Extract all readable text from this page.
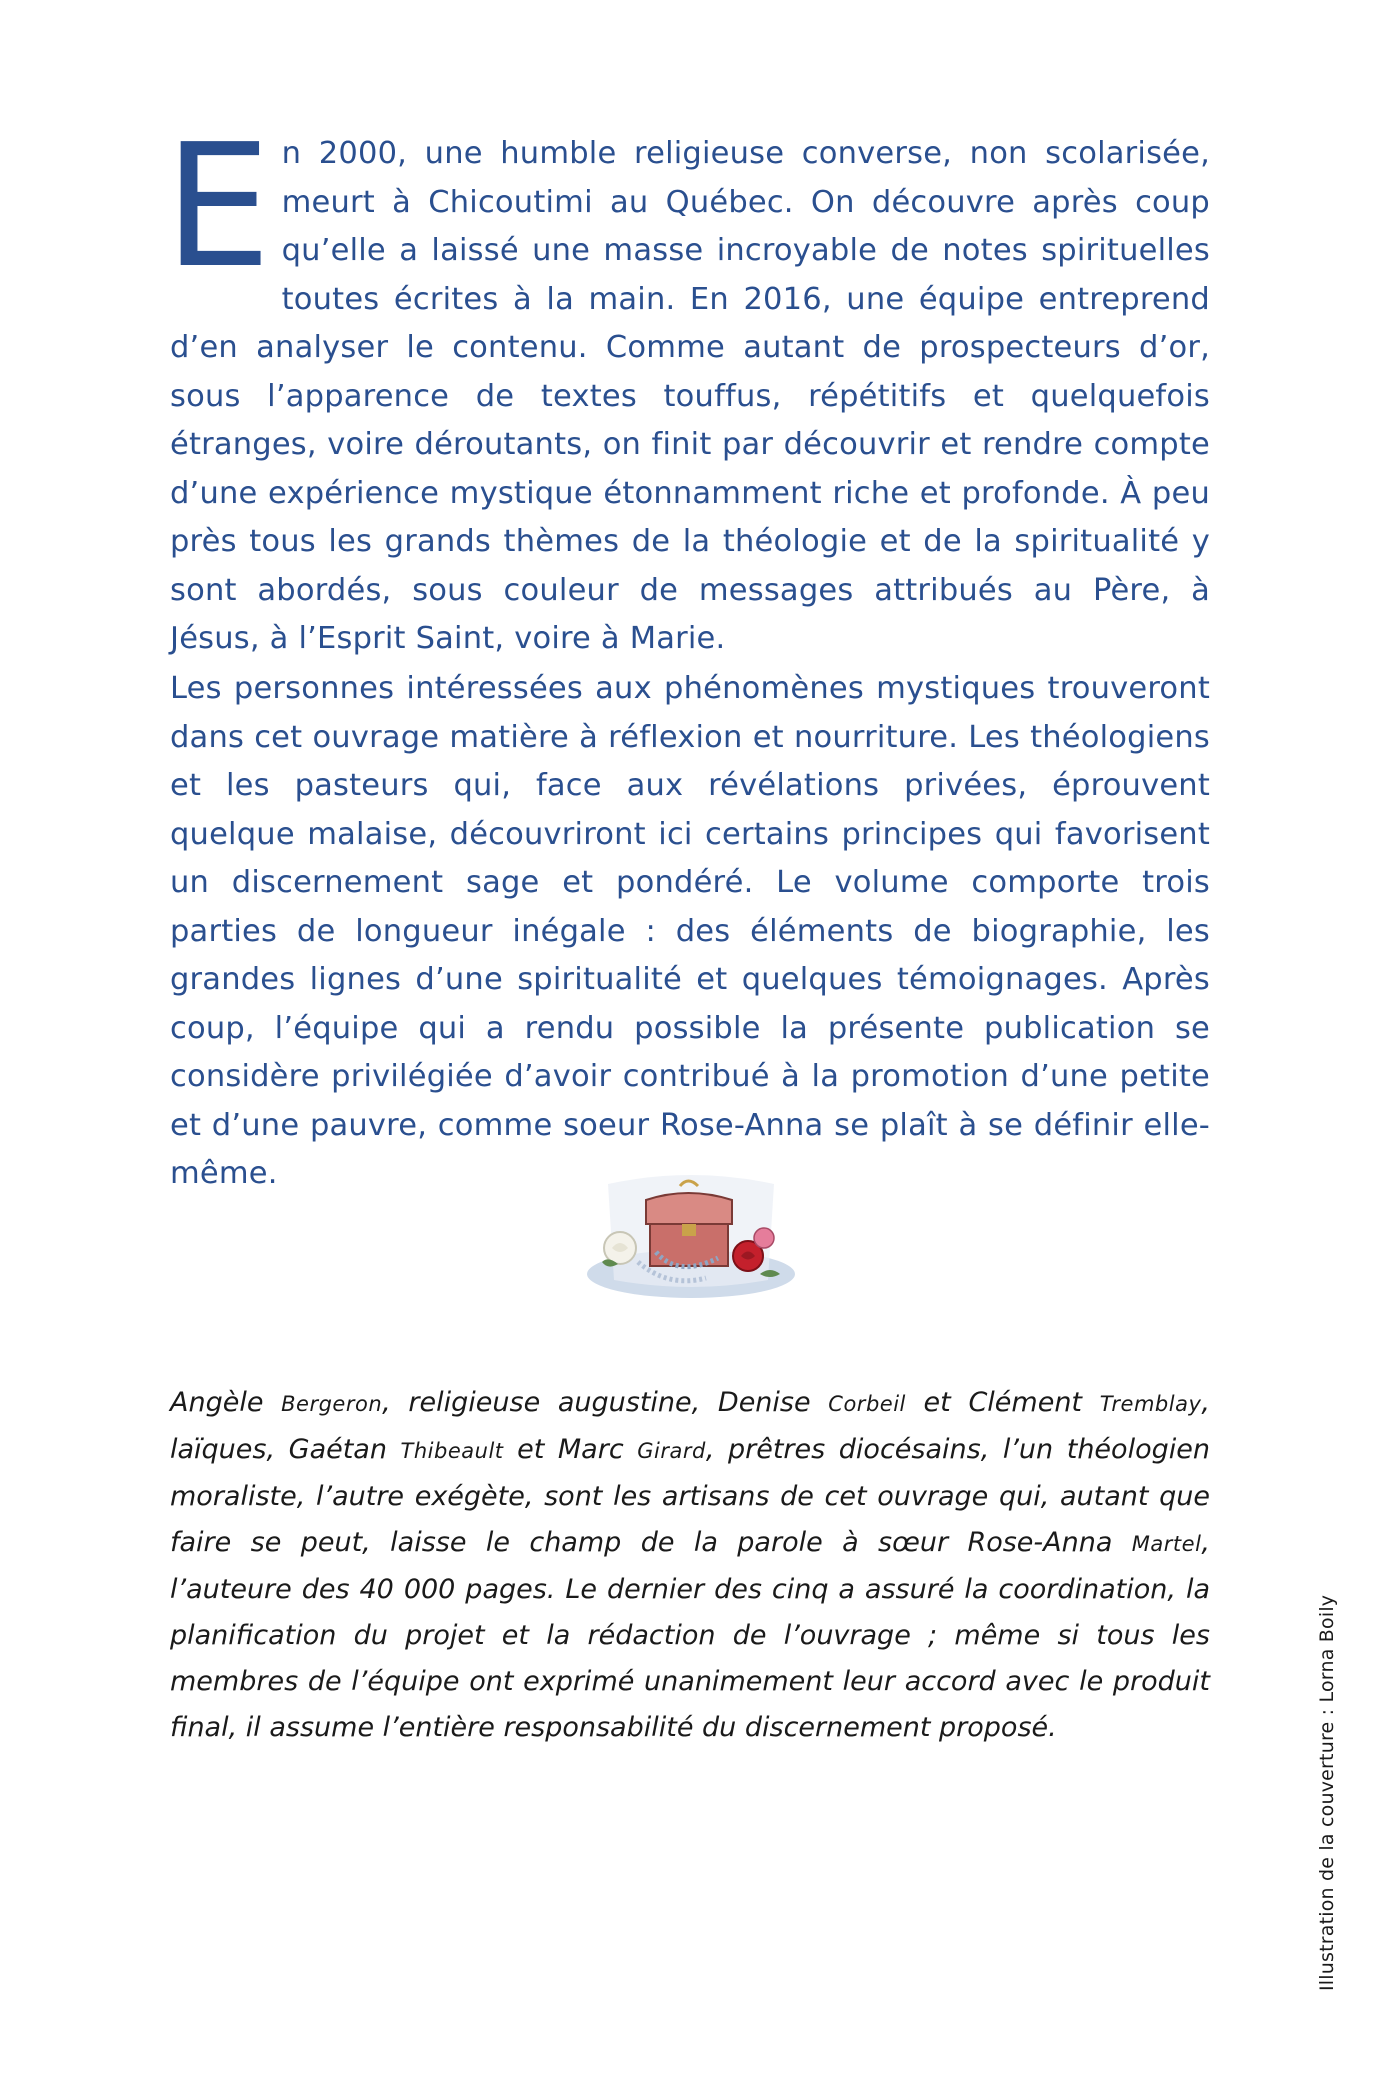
En 2000, une humble religieuse converse, non scolarisée, meurt à Chicoutimi au Québec. On découvre après coup qu’elle a laissé une masse incroyable de notes spirituelles toutes écrites à la main. En 2016, une équipe entreprend d’en analyser le contenu. Comme autant de prospecteurs d’or, sous l’apparence de textes touffus, répétitifs et quelquefois étranges, voire déroutants, on finit par découvrir et rendre compte d’une expérience mystique étonnamment riche et profonde. À peu près tous les grands thèmes de la théologie et de la spiritualité y sont abordés, sous couleur de messages attribués au Père, à Jésus, à l’Esprit Saint, voire à Marie.
Les personnes intéressées aux phénomènes mystiques trouveront dans cet ouvrage matière à réflexion et nourriture. Les théologiens et les pasteurs qui, face aux révélations privées, éprouvent quelque malaise, découvriront ici certains principes qui favorisent un discernement sage et pondéré. Le volume comporte trois parties de longueur inégale : des éléments de biographie, les grandes lignes d’une spiritualité et quelques témoignages. Après coup, l’équipe qui a rendu possible la présente publication se considère privilégiée d’avoir contribué à la promotion d’une petite et d’une pauvre, comme soeur Rose-Anna se plaît à se définir elle-même.
Angèle Bergeron, religieuse augustine, Denise Corbeil et Clément Tremblay, laïques, Gaétan Thibeault et Marc Girard, prêtres diocésains, l’un théologien moraliste, l’autre exégète, sont les artisans de cet ouvrage qui, autant que faire se peut, laisse le champ de la parole à sœur Rose-Anna Martel, l’auteure des 40 000 pages. Le dernier des cinq a assuré la coordination, la planification du projet et la rédaction de l’ouvrage ; même si tous les membres de l’équipe ont exprimé unanimement leur accord avec le produit final, il assume l’entière responsabilité du discernement proposé.	Illustration de la couverture : Lorna Boily
